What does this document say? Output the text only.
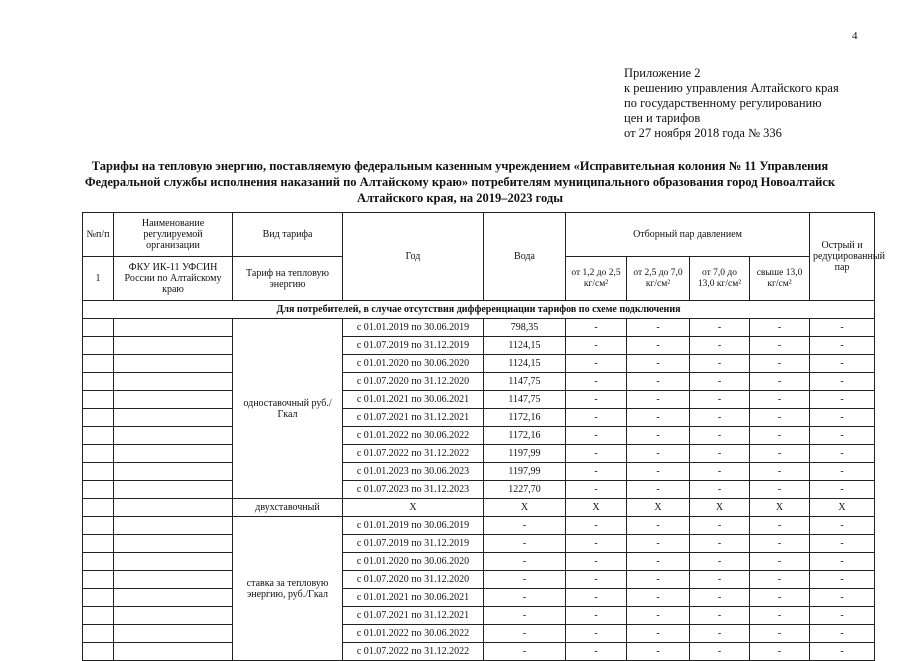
4
Приложение 2
к решению управления Алтайского края
по государственному регулированию
цен и тарифов
от 27 ноября 2018 года № 336
Тарифы на тепловую энергию, поставляемую федеральным казенным учреждением «Исправительная колония № 11 Управления
Федеральной службы исполнения наказаний по Алтайскому краю» потребителям муниципального образования город Новоалтайск
Алтайского края, на 2019–2023 годы
№п/п	Наименование регулируемой организации	Вид тарифа	Год	Вода	Отборный пар давлением				Острый и редуцированный пар
1	ФКУ ИК-11 УФСИН России по Алтайскому краю	Тариф на тепловую энергию			от 1,2 до 2,5 кг/см²	от 2,5 до 7,0 кг/см²	от 7,0 до 13,0 кг/см²	свыше 13,0 кг/см²	
Для потребителей, в случае отсутствия дифференциации тарифов по схеме подключения									
		одноставочный руб./Гкал	с 01.01.2019 по 30.06.2019	798,35	-	-	-	-	-
			с 01.07.2019 по 31.12.2019	1124,15	-	-	-	-	-
			с 01.01.2020 по 30.06.2020	1124,15	-	-	-	-	-
			с 01.07.2020 по 31.12.2020	1147,75	-	-	-	-	-
			с 01.01.2021 по 30.06.2021	1147,75	-	-	-	-	-
			с 01.07.2021 по 31.12.2021	1172,16	-	-	-	-	-
			с 01.01.2022 по 30.06.2022	1172,16	-	-	-	-	-
			с 01.07.2022 по 31.12.2022	1197,99	-	-	-	-	-
			с 01.01.2023 по 30.06.2023	1197,99	-	-	-	-	-
			с 01.07.2023 по 31.12.2023	1227,70	-	-	-	-	-
		двухставочный	Х	Х	Х	Х	Х	Х	Х
		ставка за тепловую энергию, руб./Гкал	с 01.01.2019 по 30.06.2019	-	-	-	-	-	-
			с 01.07.2019 по 31.12.2019	-	-	-	-	-	-
			с 01.01.2020 по 30.06.2020	-	-	-	-	-	-
			с 01.07.2020 по 31.12.2020	-	-	-	-	-	-
			с 01.01.2021 по 30.06.2021	-	-	-	-	-	-
			с 01.07.2021 по 31.12.2021	-	-	-	-	-	-
			с 01.01.2022 по 30.06.2022	-	-	-	-	-	-
			с 01.07.2022 по 31.12.2022	-	-	-	-	-	-
